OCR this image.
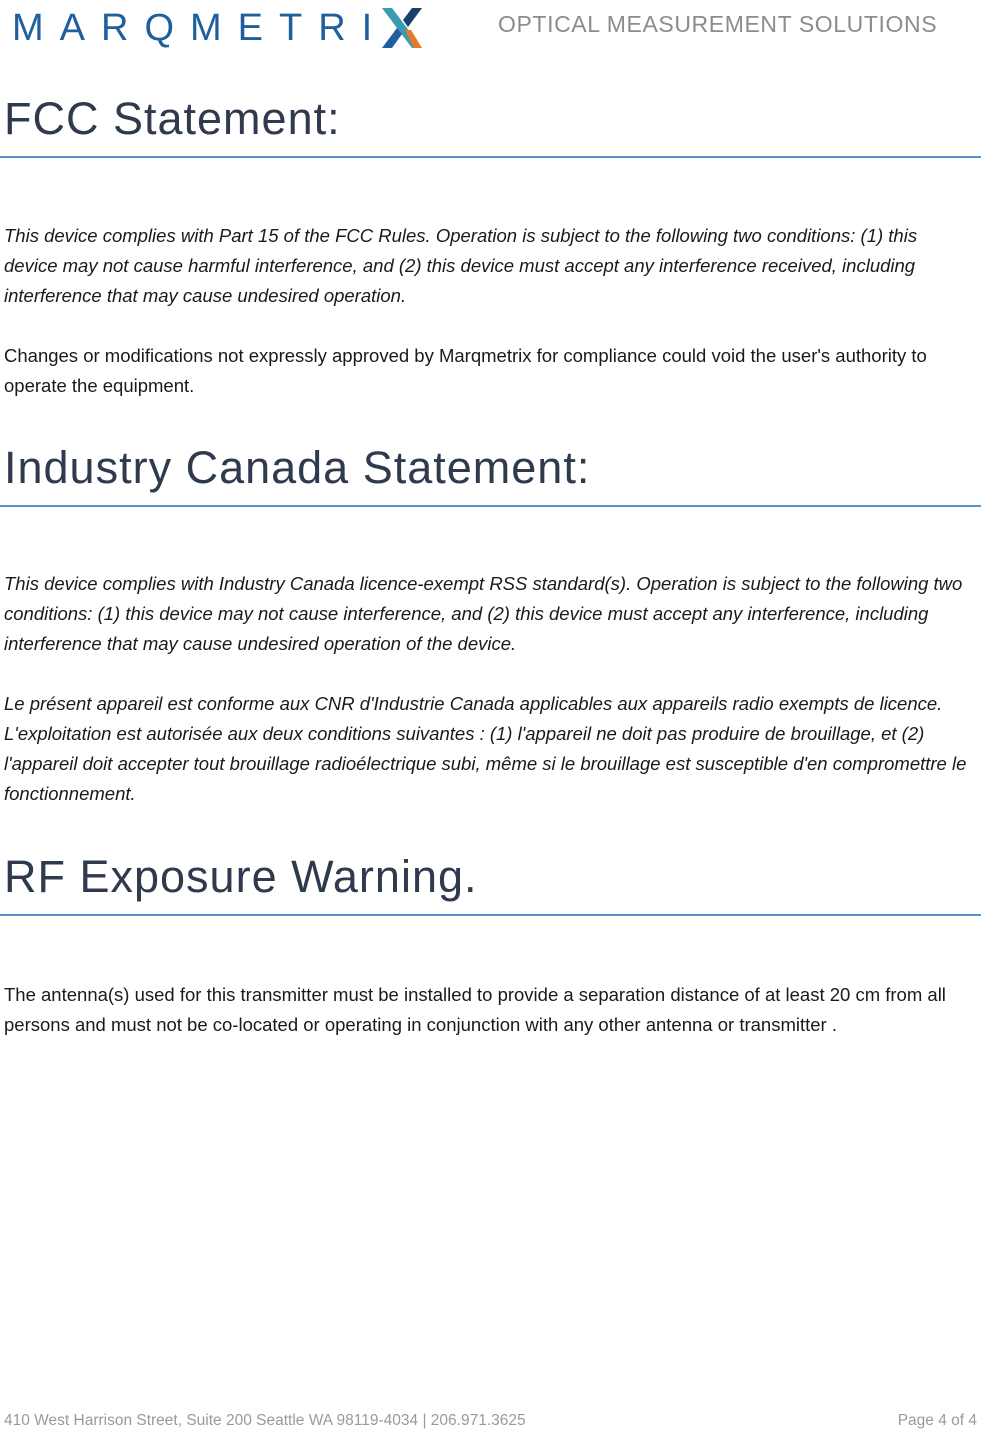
MARQMETRI	OPTICAL MEASUREMENT SOLUTIONS
FCC Statement:

This device complies with Part 15 of the FCC Rules. Operation is subject to the following two conditions: (1) this device may not cause harmful interference, and (2) this device must accept any interference received, including interference that may cause undesired operation.

Changes or modifications not expressly approved by Marqmetrix for compliance could void the user's authority to operate the equipment.

Industry Canada Statement:

This device complies with Industry Canada licence-exempt RSS standard(s). Operation is subject to the following two conditions: (1) this device may not cause interference, and (2) this device must accept any interference, including interference that may cause undesired operation of the device.

Le présent appareil est conforme aux CNR d'Industrie Canada applicables aux appareils radio exempts de licence. L'exploitation est autorisée aux deux conditions suivantes : (1) l'appareil ne doit pas produire de brouillage, et (2) l'appareil doit accepter tout brouillage radioélectrique subi, même si le brouillage est susceptible d'en compromettre le fonctionnement.

RF Exposure Warning.

The antenna(s) used for this transmitter must be installed to provide a separation distance of at least 20 cm from all persons and must not be co-located or operating in conjunction with any other antenna or transmitter .

410 West Harrison Street, Suite 200 Seattle WA 98119-4034 | 206.971.3625	Page 4 of 4
